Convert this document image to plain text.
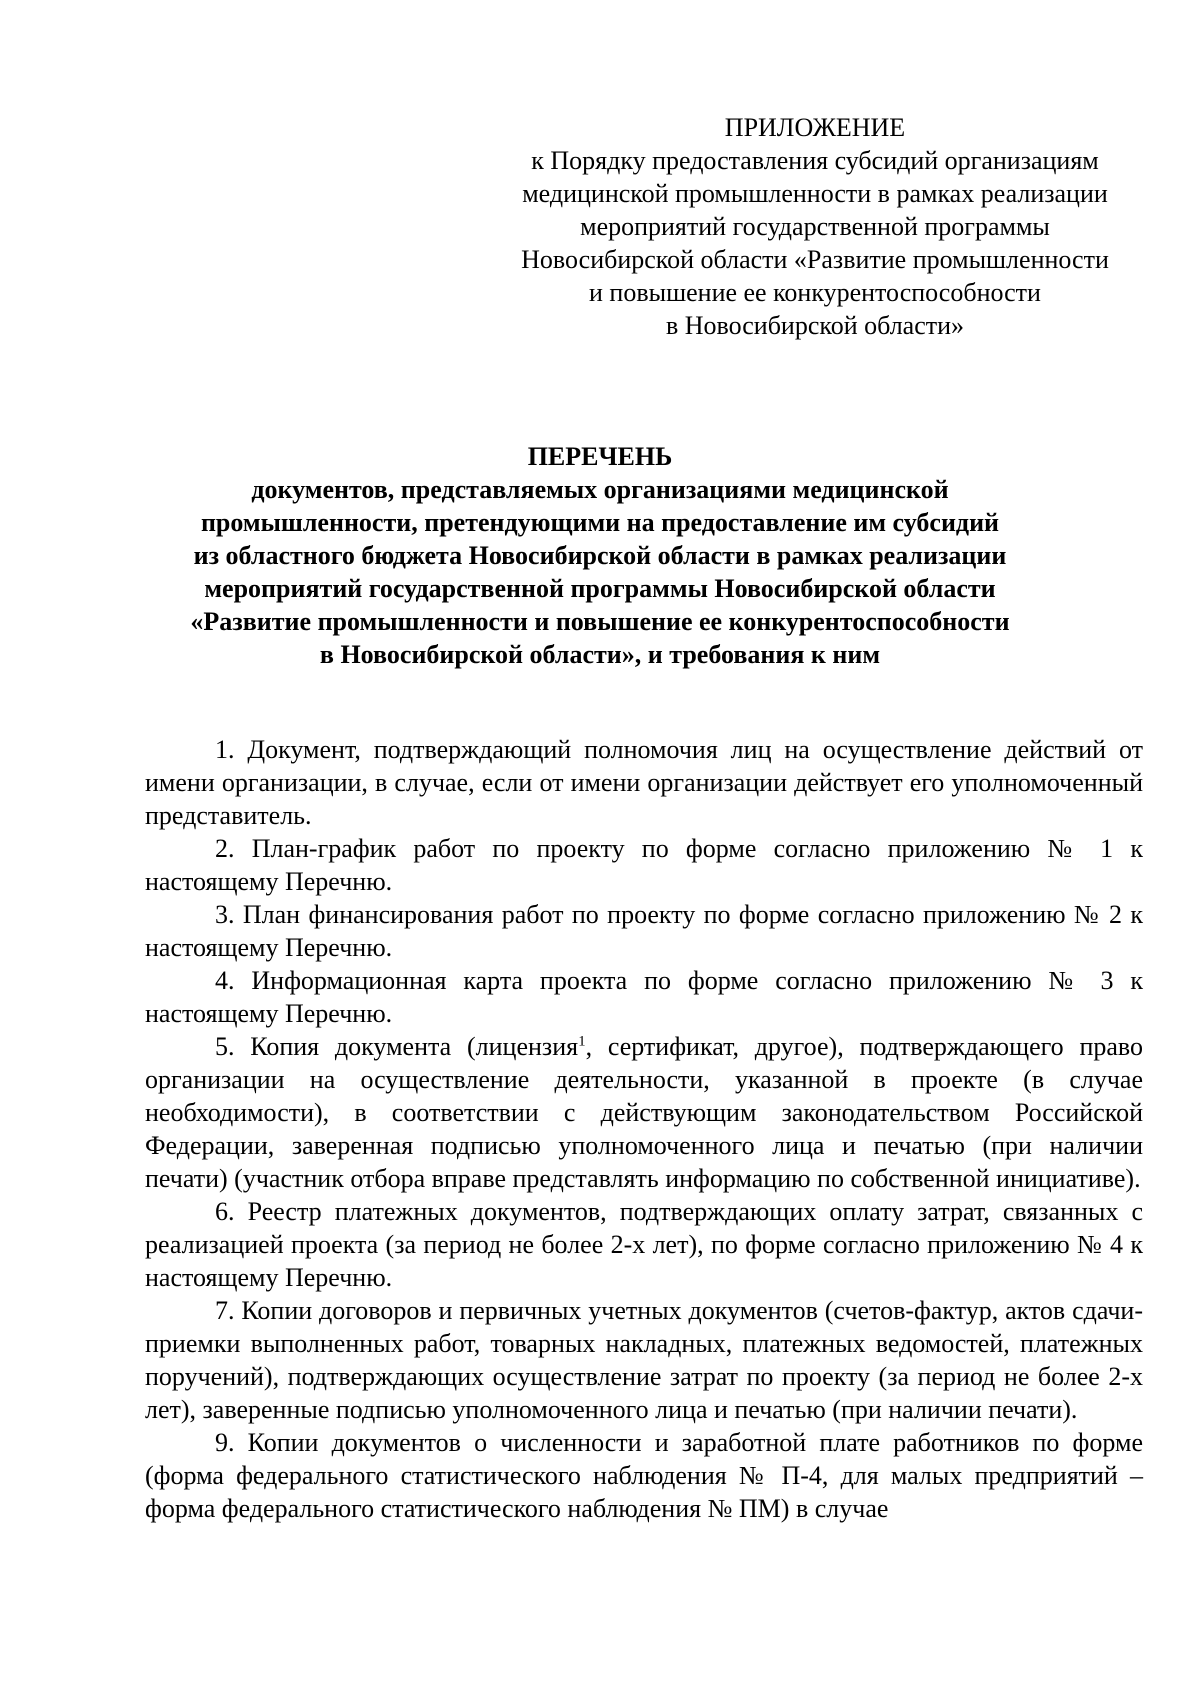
ПРИЛОЖЕНИЕ
к Порядку предоставления субсидий организациям
медицинской промышленности в рамках реализации
мероприятий государственной программы
Новосибирской области «Развитие промышленности
и повышение ее конкурентоспособности
в Новосибирской области»
ПЕРЕЧЕНЬ
документов, представляемых организациями медицинской
промышленности, претендующими на предоставление им субсидий
из областного бюджета Новосибирской области в рамках реализации
мероприятий государственной программы Новосибирской области
«Развитие промышленности и повышение ее конкурентоспособности
в Новосибирской области», и требования к ним

1. Документ, подтверждающий полномочия лиц на осуществление действий от имени организации, в случае, если от имени организации действует его уполномоченный представитель.

2. План-график работ по проекту по форме согласно приложению № 1 к настоящему Перечню.

3. План финансирования работ по проекту по форме согласно приложению № 2 к настоящему Перечню.

4. Информационная карта проекта по форме согласно приложению № 3 к настоящему Перечню.

5. Копия документа (лицензия$^1$, сертификат, другое), подтверждающего право организации на осуществление деятельности, указанной в проекте (в случае необходимости), в соответствии с действующим законодательством Российской Федерации, заверенная подписью уполномоченного лица и печатью (при наличии печати) (участник отбора вправе представлять информацию по собственной инициативе).

6. Реестр платежных документов, подтверждающих оплату затрат, связанных с реализацией проекта (за период не более 2-х лет), по форме согласно приложению № 4 к настоящему Перечню.

7. Копии договоров и первичных учетных документов (счетов-фактур, актов сдачи-приемки выполненных работ, товарных накладных, платежных ведомостей, платежных поручений), подтверждающих осуществление затрат по проекту (за период не более 2-х лет), заверенные подписью уполномоченного лица и печатью (при наличии печати).

9. Копии документов о численности и заработной плате работников по форме (форма федерального статистического наблюдения № П-4, для малых предприятий – форма федерального статистического наблюдения № ПМ) в случае
